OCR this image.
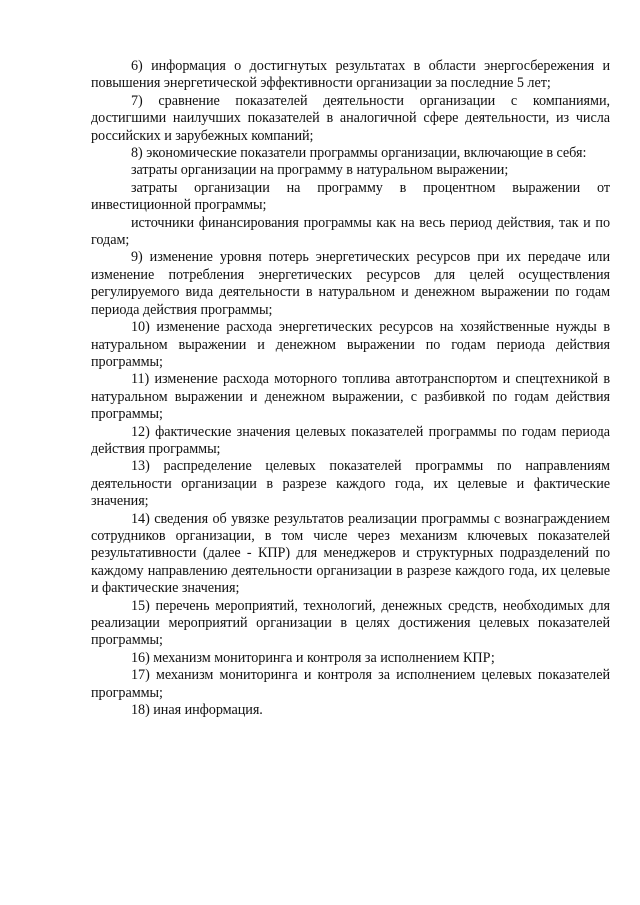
6) информация о достигнутых результатах в области энергосбережения и повышения энергетической эффективности организации за последние 5 лет;

7) сравнение показателей деятельности организации с компаниями, достигшими наилучших показателей в аналогичной сфере деятельности, из числа российских и зарубежных компаний;

8) экономические показатели программы организации, включающие в себя:

затраты организации на программу в натуральном выражении;

затраты организации на программу в процентном выражении от инвестиционной программы;

источники финансирования программы как на весь период действия, так и по годам;

9) изменение уровня потерь энергетических ресурсов при их передаче или изменение потребления энергетических ресурсов для целей осуществления регулируемого вида деятельности в натуральном и денежном выражении по годам периода действия программы;

10) изменение расхода энергетических ресурсов на хозяйственные нужды в натуральном выражении и денежном выражении по годам периода действия программы;

11) изменение расхода моторного топлива автотранспортом и спецтехникой в натуральном выражении и денежном выражении, с разбивкой по годам действия программы;

12) фактические значения целевых показателей программы по годам периода действия программы;

13) распределение целевых показателей программы по направлениям деятельности организации в разрезе каждого года, их целевые и фактические значения;

14) сведения об увязке результатов реализации программы с вознаграждением сотрудников организации, в том числе через механизм ключевых показателей результативности (далее - КПР) для менеджеров и структурных подразделений по каждому направлению деятельности организации в разрезе каждого года, их целевые и фактические значения;

15) перечень мероприятий, технологий, денежных средств, необходимых для реализации мероприятий организации в целях достижения целевых показателей программы;

16) механизм мониторинга и контроля за исполнением КПР;

17) механизм мониторинга и контроля за исполнением целевых показателей программы;

18) иная информация.
